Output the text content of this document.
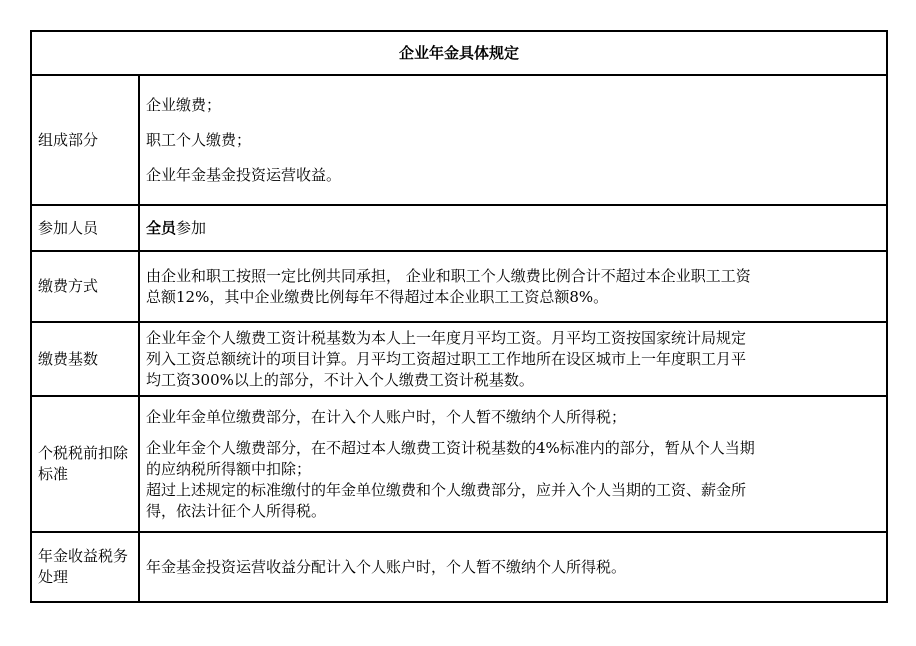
企业年金具体规定	
组成部分	企业缴费；
职工个人缴费；
企业年金基金投资运营收益。

参加人员	全员参加
缴费方式	由企业和职工按照一定比例共同承担， 企业和职工个人缴费比例合计不超过本企业职工工资
总额12%，其中企业缴费比例每年不得超过本企业职工工资总额8%。

缴费基数	企业年金个人缴费工资计税基数为本人上一年度月平均工资。月平均工资按国家统计局规定
列入工资总额统计的项目计算。月平均工资超过职工工作地所在设区城市上一年度职工月平
均工资300%以上的部分，不计入个人缴费工资计税基数。

个税税前扣除标准	企业年金单位缴费部分，在计入个人账户时，个人暂不缴纳个人所得税；
企业年金个人缴费部分，在不超过本人缴费工资计税基数的4%标准内的部分，暂从个人当期
的应纳税所得额中扣除；
超过上述规定的标准缴付的年金单位缴费和个人缴费部分，应并入个人当期的工资、薪金所
得，依法计征个人所得税。

年金收益税务处理	年金基金投资运营收益分配计入个人账户时，个人暂不缴纳个人所得税。
